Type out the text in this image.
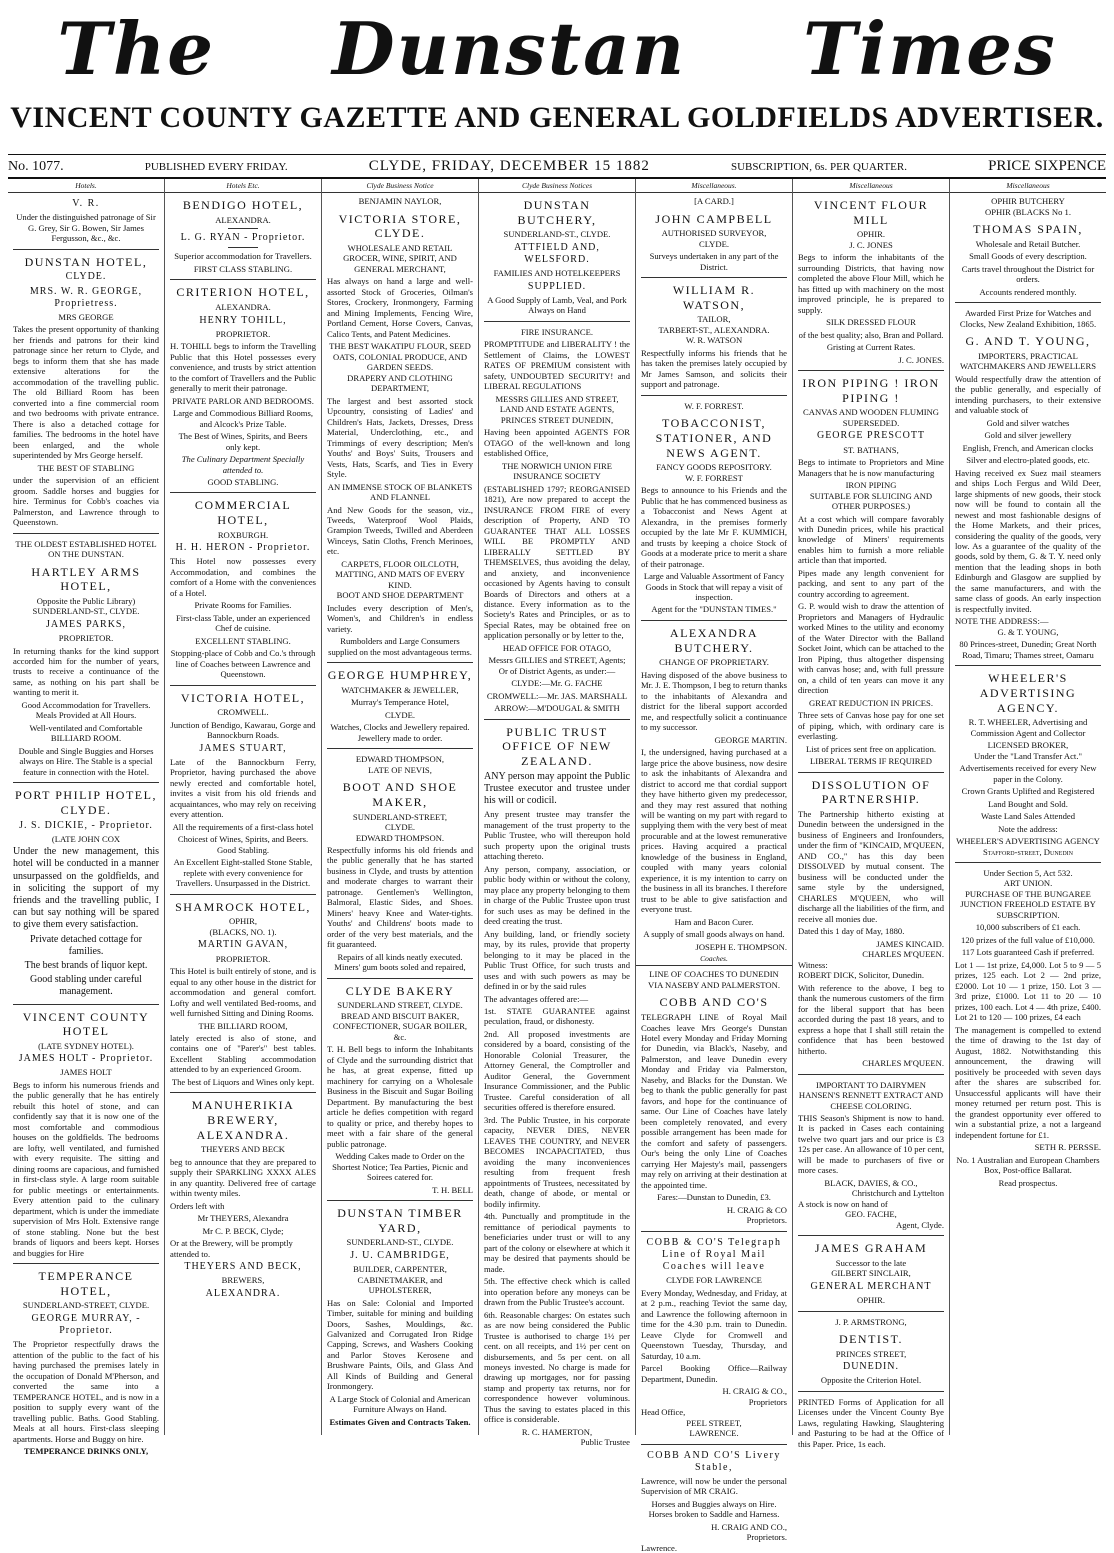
The Dunstan Times
VINCENT COUNTY GAZETTE AND GENERAL GOLDFIELDS ADVERTISER.
No. 1077.	PUBLISHED EVERY FRIDAY.	CLYDE, FRIDAY, DECEMBER 15 1882	SUBSCRIPTION, 6s. PER QUARTER.	PRICE SIXPENCE
Hotels.
V. R.

Under the distinguished patronage of Sir G. Grey, Sir G. Bowen, Sir James Fergusson, &c., &c.

DUNSTAN HOTEL,
CLYDE.
MRS. W. R. GEORGE, Proprietress.
MRS GEORGE

Takes the present opportunity of thanking her friends and patrons for their kind patronage since her return to Clyde, and begs to inform them that she has made extensive alterations for the accommodation of the travelling public. The old Billiard Room has been converted into a fine commercial room and two bedrooms with private entrance. There is also a detached cottage for families. The bedrooms in the hotel have been enlarged, and the whole superintended by Mrs George herself.

THE BEST OF STABLING

under the supervision of an efficient groom. Saddle horses and buggies for hire. Terminus for Cobb's coaches via Palmerston, and Lawrence through to Queenstown.

THE OLDEST ESTABLISHED HOTEL ON THE DUNSTAN.
HARTLEY ARMS HOTEL,
Opposite the Public Library) SUNDERLAND-ST., CLYDE.
JAMES PARKS,
PROPRIETOR.

In returning thanks for the kind support accorded him for the number of years, trusts to receive a continuance of the same, as nothing on his part shall be wanting to merit it.

Good Accommodation for Travellers. Meals Provided at All Hours.

Well-ventilated and Comfortable BILLIARD ROOM.

Double and Single Buggies and Horses always on Hire. The Stable is a special feature in connection with the Hotel.

PORT PHILIP HOTEL, CLYDE.
J. S. DICKIE, - Proprietor.
(LATE JOHN COX

Under the new management, this hotel will be conducted in a manner unsurpassed on the goldfields, and in soliciting the support of my friends and the travelling public, I can but say nothing will be spared to give them every satisfaction.

Private detached cottage for families.

The best brands of liquor kept.

Good stabling under careful management.

VINCENT COUNTY HOTEL
(LATE SYDNEY HOTEL).
JAMES HOLT - Proprietor.
JAMES HOLT

Begs to inform his numerous friends and the public generally that he has entirely rebuilt this hotel of stone, and can confidently say that it is now one of the most comfortable and commodious houses on the goldfields. The bedrooms are lofty, well ventilated, and furnished with every requisite. The sitting and dining rooms are capacious, and furnished in first-class style. A large room suitable for public meetings or entertainments. Every attention paid to the culinary department, which is under the immediate supervision of Mrs Holt. Extensive range of stone stabling. None but the best brands of liquors and beers kept. Horses and buggies for Hire

TEMPERANCE HOTEL,
SUNDERLAND-STREET, CLYDE.
GEORGE MURRAY, - Proprietor.

The Proprietor respectfully draws the attention of the public to the fact of his having purchased the premises lately in the occupation of Donald M'Pherson, and converted the same into a TEMPERANCE HOTEL, and is now in a position to supply every want of the travelling public. Baths. Good Stabling. Meals at all hours. First-class sleeping apartments. Horse and Buggy on hire.

TEMPERANCE DRINKS ONLY,
Hotels Etc.
BENDIGO HOTEL,
ALEXANDRA.
L. G. RYAN - Proprietor.

Superior accommodation for Travellers.

FIRST CLASS STABLING.

CRITERION HOTEL,
ALEXANDRA.
HENRY TOHILL,
PROPRIETOR.

H. TOHILL begs to inform the Travelling Public that this Hotel possesses every convenience, and trusts by strict attention to the comfort of Travellers and the Public generally to merit their patronage.

PRIVATE PARLOR AND BEDROOMS.

Large and Commodious Billiard Rooms, and Alcock's Prize Table.

The Best of Wines, Spirits, and Beers only kept.

The Culinary Department Specially attended to.

GOOD STABLING.

COMMERCIAL HOTEL,
ROXBURGH.
H. H. HERON - Proprietor.

This Hotel now possesses every Accommodation, and combines the comfort of a Home with the conveniences of a Hotel.

Private Rooms for Families.

First-class Table, under an experienced Chef de cuisine.

EXCELLENT STABLING.

Stopping-place of Cobb and Co.'s through line of Coaches between Lawrence and Queenstown.

VICTORIA HOTEL,
CROMWELL.

Junction of Bendigo, Kawarau, Gorge and Bannockburn Roads.

JAMES STUART,

Late of the Bannockburn Ferry, Proprietor, having purchased the above newly erected and comfortable hotel, invites a visit from his old friends and acquaintances, who may rely on receiving every attention.

All the requirements of a first-class hotel

Choicest of Wines, Spirits, and Beers. Good Stabling.

An Excellent Eight-stalled Stone Stable, replete with every convenience for Travellers. Unsurpassed in the District.

SHAMROCK HOTEL,
OPHIR,
(BLACKS, NO. 1).
MARTIN GAVAN,
PROPRIETOR.

This Hotel is built entirely of stone, and is equal to any other house in the district for accommodation and general comfort. Lofty and well ventilated Bed-rooms, and well furnished Sitting and Dining Rooms.

THE BILLIARD ROOM,

lately erected is also of stone, and contains one of "Parer's" best tables. Excellent Stabling accommodation attended to by an experienced Groom.

The best of Liquors and Wines only kept.

MANUHERIKIA BREWERY, ALEXANDRA.
THEYERS AND BECK

beg to announce that they are prepared to supply their SPARKLING XXXX ALES in any quantity. Delivered free of cartage within twenty miles.

Orders left with

Mr THEYERS, Alexandra

Mr C. P. BECK, Clyde;

Or at the Brewery, will be promptly attended to.

THEYERS AND BECK,
BREWERS,
ALEXANDRA.
Clyde Business Notice
BENJAMIN NAYLOR,
VICTORIA STORE, CLYDE.
WHOLESALE AND RETAIL
GROCER, WINE, SPIRIT, AND GENERAL MERCHANT,

Has always on hand a large and well-assorted Stock of Groceries, Oilman's Stores, Crockery, Ironmongery, Farming and Mining Implements, Fencing Wire, Portland Cement, Horse Covers, Canvas, Calico Tents, and Patent Medicines.

THE BEST WAKATIPU FLOUR, SEED OATS, COLONIAL PRODUCE, AND GARDEN SEEDS.
DRAPERY AND CLOTHING DEPARTMENT,

The largest and best assorted stock Upcountry, consisting of Ladies' and Children's Hats, Jackets, Dresses, Dress Material, Underclothing, etc., and Trimmings of every description; Men's Youths' and Boys' Suits, Trousers and Vests, Hats, Scarfs, and Ties in Every Style.

AN IMMENSE STOCK OF BLANKETS AND FLANNEL

And New Goods for the season, viz., Tweeds, Waterproof Wool Plaids, Grampion Tweeds, Twilled and Aberdeen Winceys, Satin Cloths, French Merinoes, etc.

CARPETS, FLOOR OILCLOTH, MATTING, AND MATS OF EVERY KIND.
BOOT AND SHOE DEPARTMENT

Includes every description of Men's, Women's, and Children's in endless variety.

Rumbolders and Large Consumers supplied on the most advantageous terms.

GEORGE HUMPHREY,
WATCHMAKER & JEWELLER,

Murray's Temperance Hotel,

CLYDE.

Watches, Clocks and Jewellery repaired. Jewellery made to order.

EDWARD THOMPSON,
LATE OF NEVIS,
BOOT AND SHOE MAKER,
SUNDERLAND-STREET,
CLYDE.
EDWARD THOMPSON.

Respectfully informs his old friends and the public generally that he has started business in Clyde, and trusts by attention and moderate charges to warrant their patronage. Gentlemen's Wellington, Balmoral, Elastic Sides, and Shoes. Miners' heavy Knee and Water-tights. Youths' and Childrens' boots made to order of the very best materials, and the fit guaranteed.

Repairs of all kinds neatly executed. Miners' gum boots soled and repaired,

CLYDE BAKERY
SUNDERLAND STREET, CLYDE.
BREAD AND BISCUIT BAKER, CONFECTIONER, SUGAR BOILER, &c.

T. H. Bell begs to inform the Inhabitants of Clyde and the surrounding district that he has, at great expense, fitted up machinery for carrying on a Wholesale Business in the Biscuit and Sugar Boiling Department. By manufacturing the best article he defies competition with regard to quality or price, and thereby hopes to meet with a fair share of the general public patronage.

Wedding Cakes made to Order on the Shortest Notice; Tea Parties, Picnic and Soirees catered for.

T. H. BELL
DUNSTAN TIMBER YARD,
SUNDERLAND-ST., CLYDE.
J. U. CAMBRIDGE,
BUILDER, CARPENTER, CABINETMAKER, and UPHOLSTERER,

Has on Sale: Colonial and Imported Timber, suitable for mining and building Doors, Sashes, Mouldings, &c. Galvanized and Corrugated Iron Ridge Capping, Screws, and Washers Cooking and Parlor Stoves Kerosene and Brushware Paints, Oils, and Glass And All Kinds of Building and General Ironmongery.

A Large Stock of Colonial and American Furniture Always on Hand.

Estimates Given and Contracts Taken.

Clyde Business Notices
DUNSTAN BUTCHERY,
SUNDERLAND-ST., CLYDE.
ATTFIELD AND, WELSFORD.
FAMILIES AND HOTELKEEPERS
SUPPLIED.

A Good Supply of Lamb, Veal, and Pork Always on Hand

FIRE INSURANCE.

PROMPTITUDE and LIBERALITY ! the Settlement of Claims, the LOWEST RATES OF PREMIUM consistent with safety, UNDOUBTED SECURITY! and LIBERAL REGULATIONS

MESSRS GILLIES AND STREET, LAND AND ESTATE AGENTS, PRINCES STREET DUNEDIN,

Having been appointed AGENTS FOR OTAGO of the well-known and long established Office,

THE NORWICH UNION FIRE INSURANCE SOCIETY

(ESTABLISHED 1797; REORGANISED 1821), Are now prepared to accept the INSURANCE FROM FIRE of every description of Property, AND TO GUARANTEE THAT ALL LOSSES WILL BE PROMPTLY AND LIBERALLY SETTLED BY THEMSELVES, thus avoiding the delay, and anxiety, and inconvenience occasioned by Agents having to consult Boards of Directors and others at a distance. Every information as to the Society's Rates and Principles, or as to Special Rates, may be obtained free on application personally or by letter to the,

HEAD OFFICE FOR OTAGO,

Messrs GILLIES and STREET, Agents; Or of District Agents, as under:—

CLYDE:—Mr. G. FACHE

CROMWELL:—Mr. JAS. MARSHALL

ARROW:—M'DOUGAL & SMITH

PUBLIC TRUST OFFICE OF NEW ZEALAND.

ANY person may appoint the Public Trustee executor and trustee under his will or codicil.

Any present trustee may transfer the management of the trust property to the Public Trustee, who will thereupon hold such property upon the original trusts attaching thereto.

Any person, company, association, or public body within or without the colony, may place any property belonging to them in charge of the Public Trustee upon trust for such uses as may be defined in the deed creating the trust.

Any building, land, or friendly society may, by its rules, provide that property belonging to it may be placed in the Public Trust Office, for such trusts and uses and with such powers as may be defined in or by the said rules

The advantages offered are:—

1st. STATE GUARANTEE against peculation, fraud, or dishonesty.

2nd. All proposed investments are considered by a board, consisting of the Honorable Colonial Treasurer, the Attorney General, the Comptroller and Auditor General, the Government Insurance Commissioner, and the Public Trustee. Careful consideration of all securities offered is therefore ensured.

3rd. The Public Trustee, in his corporate capacity, NEVER DIES, NEVER LEAVES THE COUNTRY, and NEVER BECOMES INCAPACITATED, thus avoiding the many inconveniences resulting from frequent fresh appointments of Trustees, necessitated by death, change of abode, or mental or bodily infirmity.

4th. Punctually and promptitude in the remittance of periodical payments to beneficiaries under trust or will to any part of the colony or elsewhere at which it may be desired that payments should be made.

5th. The effective check which is called into operation before any moneys can be drawn from the Public Trustee's account.

6th. Reasonable charges: On estates such as are now being considered the Public Trustee is authorised to charge 1½ per cent. on all receipts, and 1½ per cent on disbursements, and 5s per cent. on all moneys invested. No charge is made for drawing up mortgages, nor for passing stamp and property tax returns, nor for correspondence however voluminous. Thus the saving to estates placed in this office is considerable.

R. C. HAMERTON,
Public Trustee
Miscellaneous.
[A CARD.]
JOHN CAMPBELL
AUTHORISED SURVEYOR,
CLYDE.

Surveys undertaken in any part of the District.

WILLIAM R. WATSON,
TAILOR,
TARBERT-ST., ALEXANDRA.
W. R. WATSON

Respectfully informs his friends that he has taken the premises lately occupied by Mr James Samson, and solicits their support and patronage.

W. F. FORREST.
TOBACCONIST, STATIONER, AND NEWS AGENT.
FANCY GOODS REPOSITORY.
W. F. FORREST

Begs to announce to his Friends and the Public that he has commenced business as a Tobacconist and News Agent at Alexandra, in the premises formerly occupied by the late Mr F. KUMMICH, and trusts by keeping a choice Stock of Goods at a moderate price to merit a share of their patronage.

Large and Valuable Assortment of Fancy Goods in Stock that will repay a visit of inspection.

Agent for the "DUNSTAN TIMES."

ALEXANDRA BUTCHERY.
CHANGE OF PROPRIETARY.

Having disposed of the above business to Mr. J. E. Thompson, I beg to return thanks to the inhabitants of Alexandra and district for the liberal support accorded me, and respectfully solicit a continuance to my successor.

GEORGE MARTIN.

I, the undersigned, having purchased at a large price the above business, now desire to ask the inhabitants of Alexandra and district to accord me that cordial support they have hitherto given my predecessor, and they may rest assured that nothing will be wanting on my part with regard to supplying them with the very best of meat procurable and at the lowest remunerative prices. Having acquired a practical knowledge of the business in England, coupled with many years colonial experience, it is my intention to carry on the business in all its branches. I therefore trust to be able to give satisfaction and everyone trust.

Ham and Bacon Curer.

A supply of small goods always on hand.

JOSEPH E. THOMPSON.
Coaches.
LINE OF COACHES TO DUNEDIN VIA NASEBY AND PALMERSTON.
COBB AND CO'S

TELEGRAPH LINE of Royal Mail Coaches leave Mrs George's Dunstan Hotel every Monday and Friday Morning for Dunedin, via Black's, Naseby, and Palmerston, and leave Dunedin every Monday and Friday via Palmerston, Naseby, and Blacks for the Dunstan. We beg to thank the public generally for past favors, and hope for the continuance of same. Our Line of Coaches have lately been completely renovated, and every possible arrangement has been made for the comfort and safety of passengers. Our's being the only Line of Coaches carrying Her Majesty's mail, passengers may rely on arriving at their destination at the appointed time.

Fares:—Dunstan to Dunedin, £3.

H. CRAIG & CO
Proprietors.
COBB & CO'S Telegraph Line of Royal Mail Coaches will leave
CLYDE FOR LAWRENCE

Every Monday, Wednesday, and Friday, at at 2 p.m., reaching Teviot the same day, and Lawrence the following afternoon in time for the 4.30 p.m. train to Dunedin. Leave Clyde for Cromwell and Queenstown Tuesday, Thursday, and Saturday, 10 a.m.

Parcel Booking Office—Railway Department, Dunedin.

H. CRAIG & CO.,
Proprietors
Head Office,
PEEL STREET,
LAWRENCE.
COBB AND CO'S Livery Stable,

Lawrence, will now be under the personal Supervision of MR CRAIG.

Horses and Buggies always on Hire. Horses broken to Saddle and Harness.

H. CRAIG AND CO.,
Proprietors.
Lawrence.
Miscellaneous
VINCENT FLOUR MILL
OPHIR.
J. C. JONES

Begs to inform the inhabitants of the surrounding Districts, that having now completed the above Flour Mill, which he has fitted up with machinery on the most improved principle, he is prepared to supply.

SILK DRESSED FLOUR

of the best quality; also, Bran and Pollard.

Gristing at Current Rates.

J. C. JONES.
IRON PIPING ! IRON PIPING !
CANVAS AND WOODEN FLUMING SUPERSEDED.
GEORGE PRESCOTT
ST. BATHANS,

Begs to intimate to Proprietors and Mine Managers that he is now manufacturing

IRON PIPING
SUITABLE FOR SLUICING AND OTHER PURPOSES.)

At a cost which will compare favorably with Dunedin prices, while his practical knowledge of Miners' requirements enables him to furnish a more reliable article than that imported.

Pipes made any length convenient for packing, and sent to any part of the country according to agreement.

G. P. would wish to draw the attention of Proprietors and Managers of Hydraulic worked Mines to the utility and economy of the Water Director with the Balland Socket Joint, which can be attached to the Iron Piping, thus altogether dispensing with canvas hose; and, with full pressure on, a child of ten years can move it any direction

GREAT REDUCTION IN PRICES.

Three sets of Canvas hose pay for one set of piping, which, with ordinary care is everlasting.

List of prices sent free on application.

LIBERAL TERMS IF REQUIRED
DISSOLUTION OF PARTNERSHIP.

The Partnership hitherto existing at Dunedin between the undersigned in the business of Engineers and Ironfounders, under the firm of "KINCAID, M'QUEEN, AND CO.," has this day been DISSOLVED by mutual consent. The business will be conducted under the same style by the undersigned, CHARLES M'QUEEN, who will discharge all the liabilities of the firm, and receive all monies due.

Dated this 1 day of May, 1880.

JAMES KINCAID.
CHARLES M'QUEEN.
Witness:
ROBERT DICK, Solicitor, Dunedin.

With reference to the above, I beg to thank the numerous customers of the firm for the liberal support that has been accorded during the past 18 years, and to express a hope that I shall still retain the confidence that has been bestowed hitherto.

CHARLES M'QUEEN.
IMPORTANT TO DAIRYMEN
HANSEN'S RENNETT EXTRACT AND CHEESE COLORING.

THIS Season's Shipment is now to hand. It is packed in Cases each containing twelve two quart jars and our price is £3 12s per case. An allowance of 10 per cent, will be made to purchasers of five or more cases.

BLACK, DAVIES, & CO.,
Christchurch and Lyttelton
A stock is now on hand of
GEO. FACHE,
Agent, Clyde.
JAMES GRAHAM
Successor to the late
GILBERT SINCLAIR,
GENERAL MERCHANT
OPHIR.
J. P. ARMSTRONG,
DENTIST.
PRINCES STREET,
DUNEDIN.
Opposite the Criterion Hotel.

PRINTED Forms of Application for all Licenses under the Vincent County Bye Laws, regulating Hawking, Slaughtering and Pasturing to be had at the Office of this Paper. Price, 1s each.

Miscellaneous
OPHIR BUTCHERY
OPHIR (BLACKS No 1.
THOMAS SPAIN,
Wholesale and Retail Butcher.

Small Goods of every description.

Carts travel throughout the District for orders.

Accounts rendered monthly.

Awarded First Prize for Watches and Clocks, New Zealand Exhibition, 1865.

G. AND T. YOUNG,
IMPORTERS, PRACTICAL WATCHMAKERS AND JEWELLERS

Would respectfully draw the attention of the public generally, and especially of intending purchasers, to their extensive and valuable stock of

Gold and silver watches

Gold and silver jewellery

English, French, and American clocks

Silver and electro-plated goods, etc.

Having received ex Suez mail steamers and ships Loch Fergus and Wild Deer, large shipments of new goods, their stock now will be found to contain all the newest and most fashionable designs of the Home Markets, and their prices, considering the quality of the goods, very low. As a guarantee of the quality of the goods, sold by them, G. & T. Y. need only mention that the leading shops in both Edinburgh and Glasgow are supplied by the same manufacturers, and with the same class of goods. An early inspection is respectfully invited.

NOTE THE ADDRESS:—
G. & T. YOUNG,

80 Princes-street, Dunedin; Great North Road, Timaru; Thames street, Oamaru

WHEELER'S ADVERTISING AGENCY.

R. T. WHEELER, Advertising and Commission Agent and Collector

LICENSED BROKER,
Under the "Land Transfer Act."

Advertisements received for every New paper in the Colony.

Crown Grants Uplifted and Registered

Land Bought and Sold.

Waste Land Sales Attended

Note the address:

WHEELER'S ADVERTISING AGENCY Stafford-street, Dunedin

Under Section 5, Act 532.
ART UNION.
PURCHASE OF THE BUNGAREE JUNCTION FREEHOLD ESTATE BY SUBSCRIPTION.

10,000 subscribers of £1 each.

120 prizes of the full value of £10,000.

117 Lots guaranteed Cash if preferred.

Lot 1 — 1st prize, £4,000. Lot 5 to 9 — 5 prizes, 125 each. Lot 2 — 2nd prize, £2000. Lot 10 — 1 prize, 150. Lot 3 — 3rd prize, £1000. Lot 11 to 20 — 10 prizes, 100 each. Lot 4 — 4th prize, £400. Lot 21 to 120 — 100 prizes, £4 each

The management is compelled to extend the time of drawing to the 1st day of August, 1882. Notwithstanding this announcement, the drawing will positively be proceeded with seven days after the shares are subscribed for. Unsuccessful applicants will have their money returned per return post. This is the grandest opportunity ever offered to win a substantial prize, a not a largeand independent fortune for £1.

SETH R. PERSSE.

No. 1 Australian and European Chambers Box, Post-office Ballarat.

Read prospectus.
